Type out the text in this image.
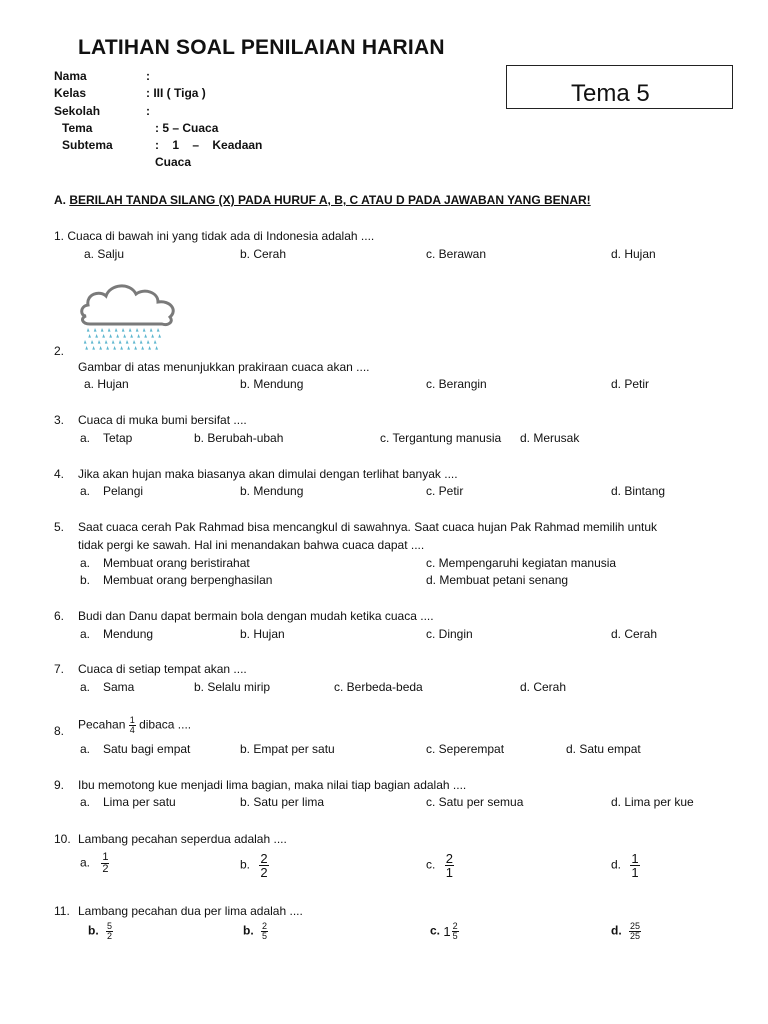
LATIHAN SOAL PENILAIAN HARIAN
Tema 5
Nama	:
Kelas	: III ( Tiga )
Sekolah	:
Tema	: 5 – Cuaca
Subtema	:    1    –    Keadaan
Cuaca
A. BERILAH TANDA SILANG (X) PADA HURUF A, B, C ATAU D PADA JAWABAN YANG BENAR!
1. Cuaca di bawah ini yang tidak ada di Indonesia adalah ....
a. Salju	b. Cerah	c. Berawan	d. Hujan
2.
Gambar di atas menunjukkan prakiraan cuaca akan ....
a. Hujan	b. Mendung	c. Berangin	d. Petir
3. Cuaca di muka bumi bersifat ....
a. Tetap	b. Berubah-ubah	c. Tergantung manusia d. Merusak
4. Jika akan hujan maka biasanya akan dimulai dengan terlihat banyak ....
a. Pelangi	b. Mendung	c. Petir	d. Bintang
5. Saat cuaca cerah Pak Rahmad bisa mencangkul di sawahnya. Saat cuaca hujan Pak Rahmad memilih untuk
tidak pergi ke sawah. Hal ini menandakan bahwa cuaca dapat ....
a. Membuat orang beristirahat	c. Mempengaruhi kegiatan manusia
b. Membuat orang berpenghasilan	d. Membuat petani senang
6. Budi dan Danu dapat bermain bola dengan mudah ketika cuaca ....
a. Mendung	b. Hujan	c. Dingin	d. Cerah
7. Cuaca di setiap tempat akan ....
a. Sama	b. Selalu mirip	c. Berbeda-beda	d. Cerah
8. Pecahan $\frac{1}{4}$ dibaca ....
a. Satu bagi empat	b. Empat per satu	c. Seperempat	d. Satu empat
9. Ibu memotong kue menjadi lima bagian, maka nilai tiap bagian adalah ....
a. Lima per satu	b. Satu per lima	c. Satu per semua	d. Lima per kue
10. Lambang pecahan seperdua adalah ....
a. $\frac{1}{2}$	b. $\frac{2}{2}$	c. $\frac{2}{1}$	d. $\frac{1}{1}$
11. Lambang pecahan dua per lima adalah ....
b. $\frac{5}{2}$	b. $\frac{2}{5}$	c. $1 \frac{2}{5}$	d. $\frac{25}{25}$
